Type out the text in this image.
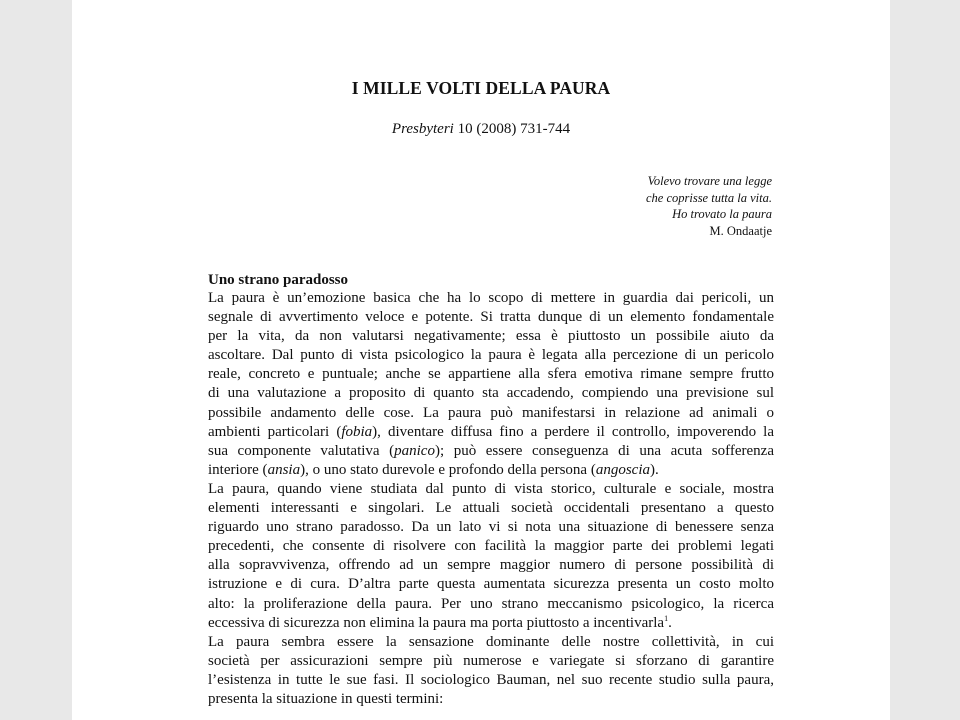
I MILLE VOLTI DELLA PAURA
Presbyteri 10 (2008) 731-744
Volevo trovare una legge
che coprisse tutta la vita.
Ho trovato la paura
M. Ondaatje

Uno strano paradosso

La paura è un’emozione basica che ha lo scopo di mettere in guardia dai pericoli, un
segnale di avvertimento veloce e potente. Si tratta dunque di un elemento fondamentale
per la vita, da non valutarsi negativamente; essa è piuttosto un possibile aiuto da
ascoltare. Dal punto di vista psicologico la paura è legata alla percezione di un pericolo
reale, concreto e puntuale; anche se appartiene alla sfera emotiva rimane sempre frutto
di una valutazione a proposito di quanto sta accadendo, compiendo una previsione sul
possibile andamento delle cose. La paura può manifestarsi in relazione ad animali o
ambienti particolari (fobia), diventare diffusa fino a perdere il controllo, impoverendo la
sua componente valutativa (panico); può essere conseguenza di una acuta sofferenza
interiore (ansia), o uno stato durevole e profondo della persona (angoscia).
La paura, quando viene studiata dal punto di vista storico, culturale e sociale, mostra
elementi interessanti e singolari. Le attuali società occidentali presentano a questo
riguardo uno strano paradosso. Da un lato vi si nota una situazione di benessere senza
precedenti, che consente di risolvere con facilità la maggior parte dei problemi legati
alla sopravvivenza, offrendo ad un sempre maggior numero di persone possibilità di
istruzione e di cura. D’altra parte questa aumentata sicurezza presenta un costo molto
alto: la proliferazione della paura. Per uno strano meccanismo psicologico, la ricerca
eccessiva di sicurezza non elimina la paura ma porta piuttosto a incentivarla$^1$.
La paura sembra essere la sensazione dominante delle nostre collettività, in cui
società per assicurazioni sempre più numerose e variegate si sforzano di garantire
l’esistenza in tutte le sue fasi. Il sociologico Bauman, nel suo recente studio sulla paura,
presenta la situazione in questi termini:
